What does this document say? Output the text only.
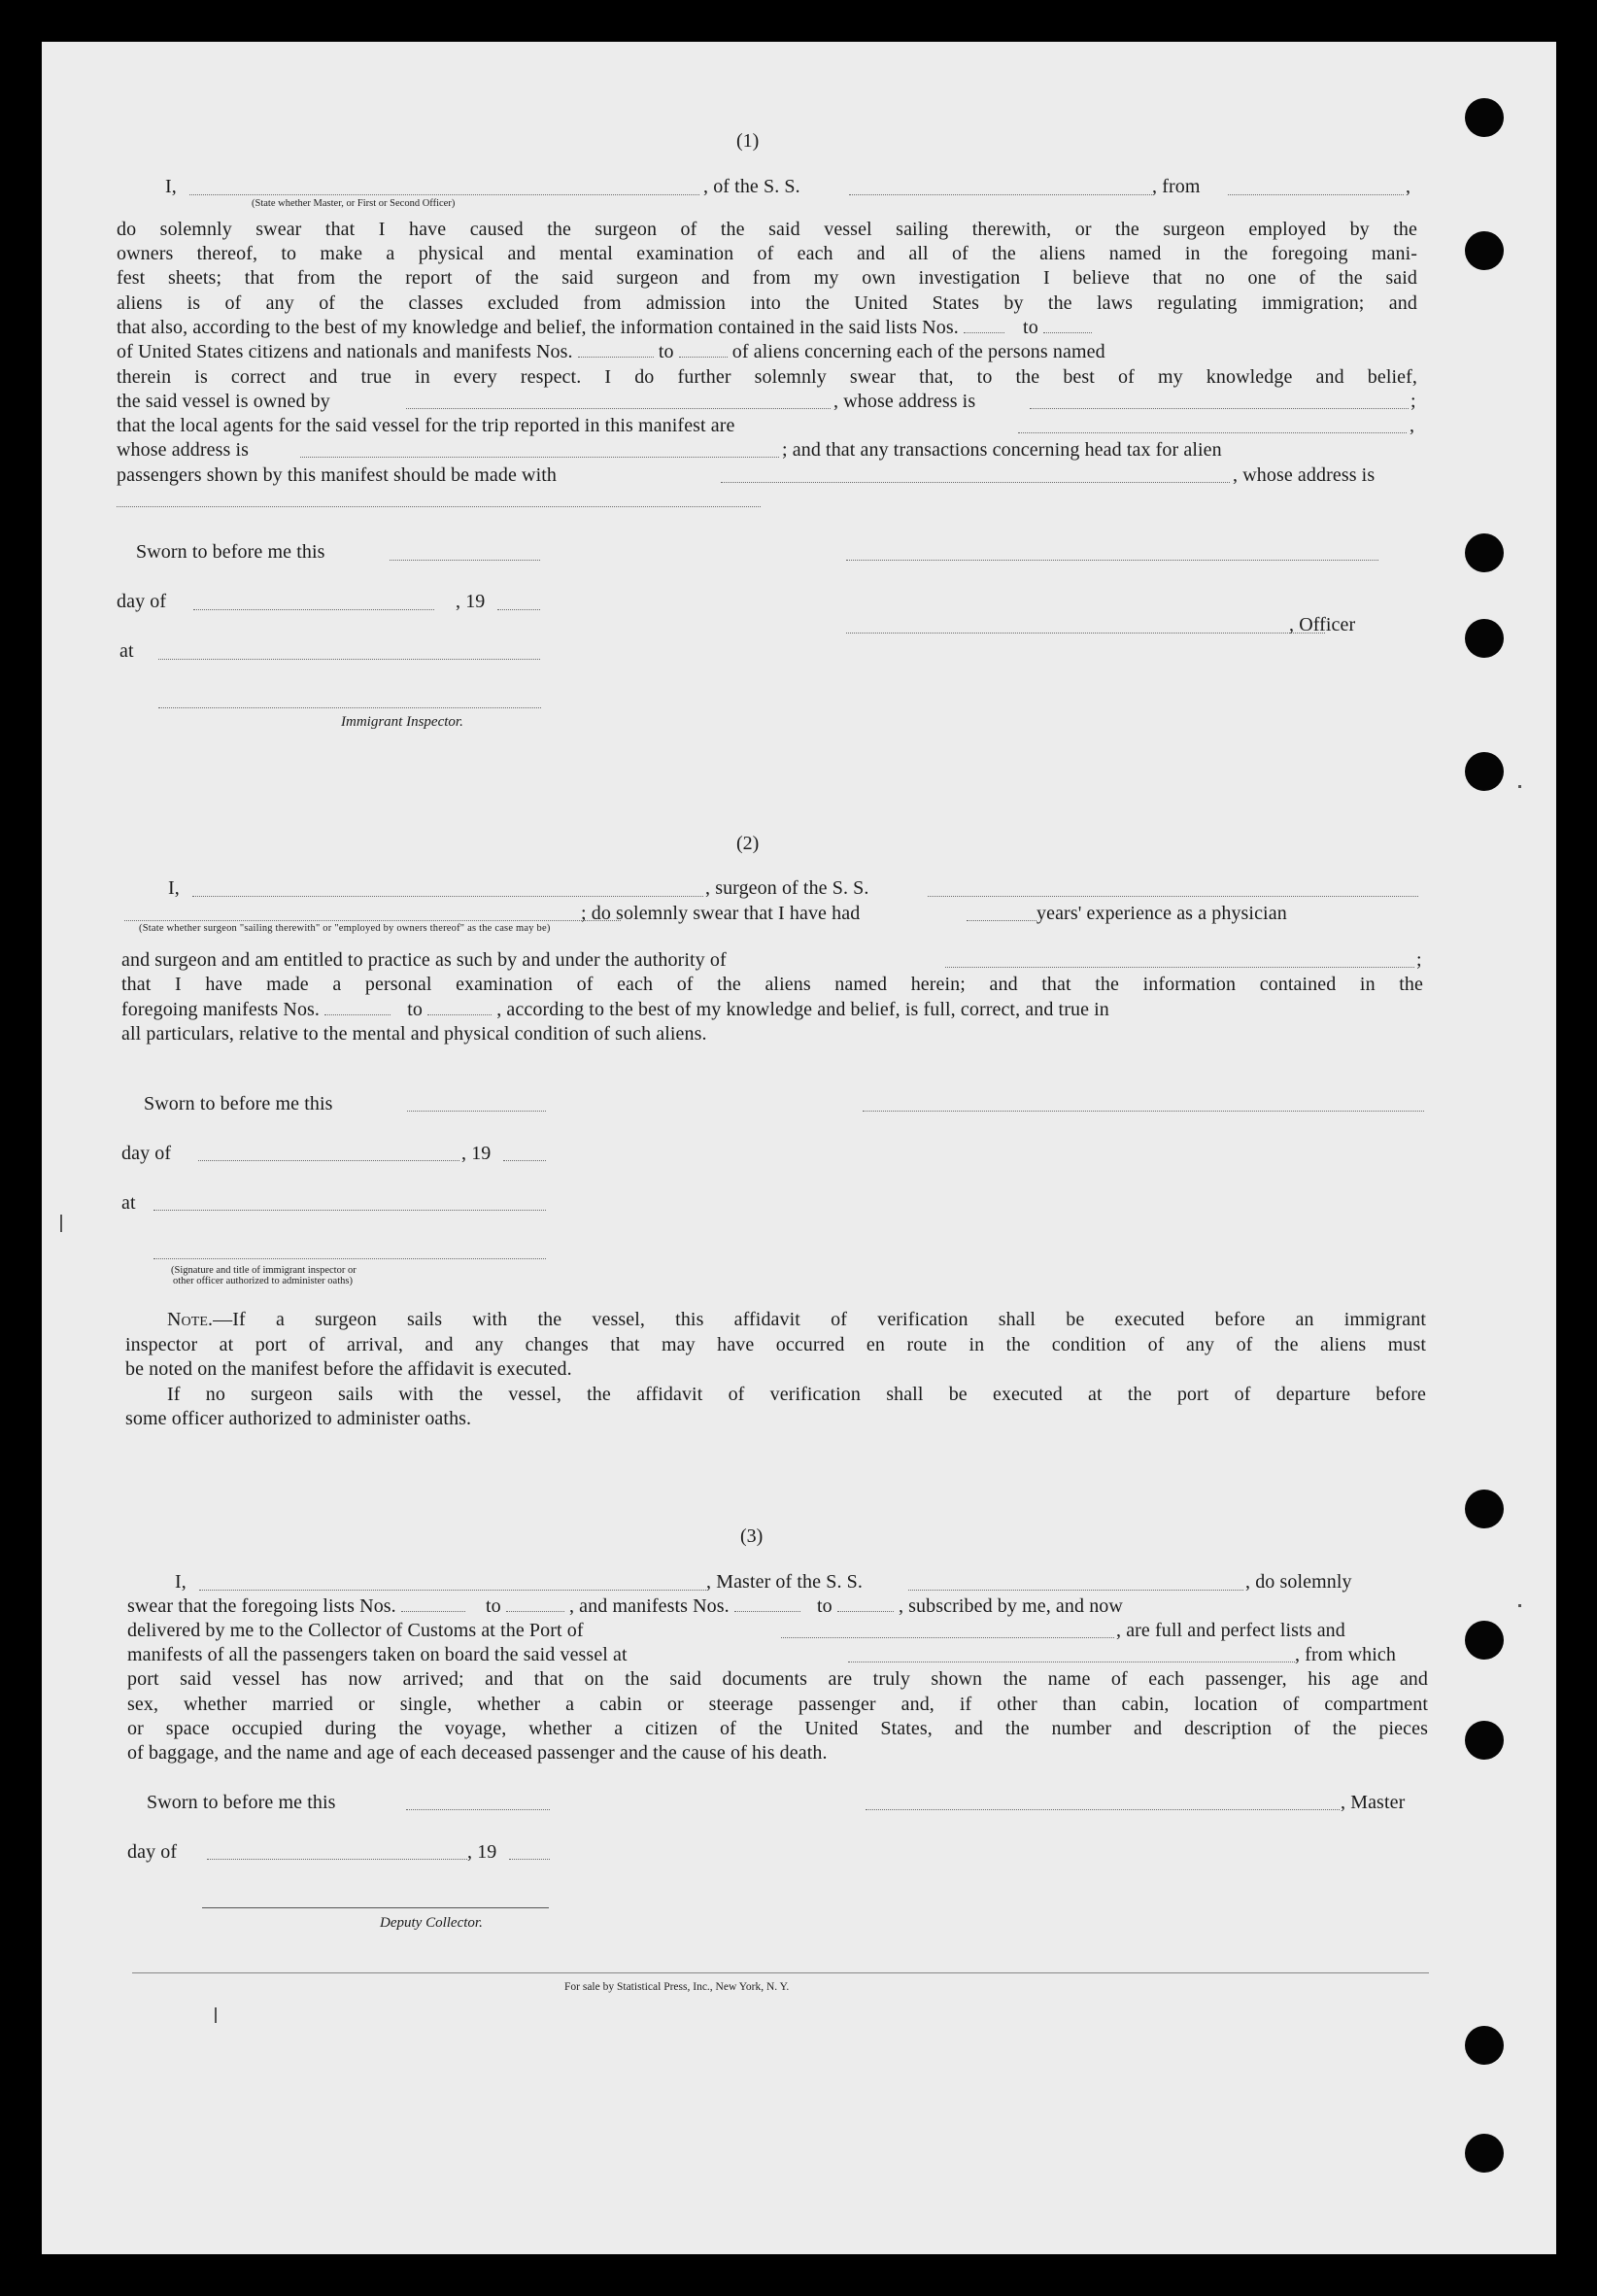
(1)
I,	, of the S. S.	, from	,
(State whether Master, or First or Second Officer)
do solemnly swear that I have caused the surgeon of the said vessel sailing therewith, or the surgeon employed by the
owners thereof, to make a physical and mental examination of each and all of the aliens named in the foregoing mani-
fest sheets; that from the report of the said surgeon and from my own investigation I believe that no one of the said
aliens is of any of the classes excluded from admission into the United States by the laws regulating immigration; and
that also, according to the best of my knowledge and belief, the information contained in the said lists Nos.	to
of United States citizens and nationals and manifests Nos.	to	of aliens concerning each of the persons named
therein is correct and true in every respect. I do further solemnly swear that, to the best of my knowledge and belief,
the said vessel is owned by	, whose address is	;
that the local agents for the said vessel for the trip reported in this manifest are	,
whose address is	; and that any transactions concerning head tax for alien
passengers shown by this manifest should be made with	, whose address is
Sworn to before me this
day of	, 19
, Officer
at
Immigrant Inspector.
(2)
I,	, surgeon of the S. S.
; do solemnly swear that I have had	years' experience as a physician
(State whether surgeon "sailing therewith" or "employed by owners thereof" as the case may be)
and surgeon and am entitled to practice as such by and under the authority of	;
that I have made a personal examination of each of the aliens named herein; and that the information contained in the
foregoing manifests Nos.	to	, according to the best of my knowledge and belief, is full, correct, and true in
all particulars, relative to the mental and physical condition of such aliens.
Sworn to before me this
day of	, 19
at
(Signature and title of immigrant inspector or
other officer authorized to administer oaths)
Note.—If a surgeon sails with the vessel, this affidavit of verification shall be executed before an immigrant
inspector at port of arrival, and any changes that may have occurred en route in the condition of any of the aliens must
be noted on the manifest before the affidavit is executed.
If no surgeon sails with the vessel, the affidavit of verification shall be executed at the port of departure before
some officer authorized to administer oaths.
(3)
I,	, Master of the S. S.	, do solemnly
swear that the foregoing lists Nos.	to	, and manifests Nos.	to	, subscribed by me, and now
delivered by me to the Collector of Customs at the Port of	, are full and perfect lists and
manifests of all the passengers taken on board the said vessel at	, from which
port said vessel has now arrived; and that on the said documents are truly shown the name of each passenger, his age and
sex, whether married or single, whether a cabin or steerage passenger and, if other than cabin, location of compartment
or space occupied during the voyage, whether a citizen of the United States, and the number and description of the pieces
of baggage, and the name and age of each deceased passenger and the cause of his death.
Sworn to before me this	, Master
day of	, 19
Deputy Collector.
For sale by Statistical Press, Inc., New York, N. Y.
